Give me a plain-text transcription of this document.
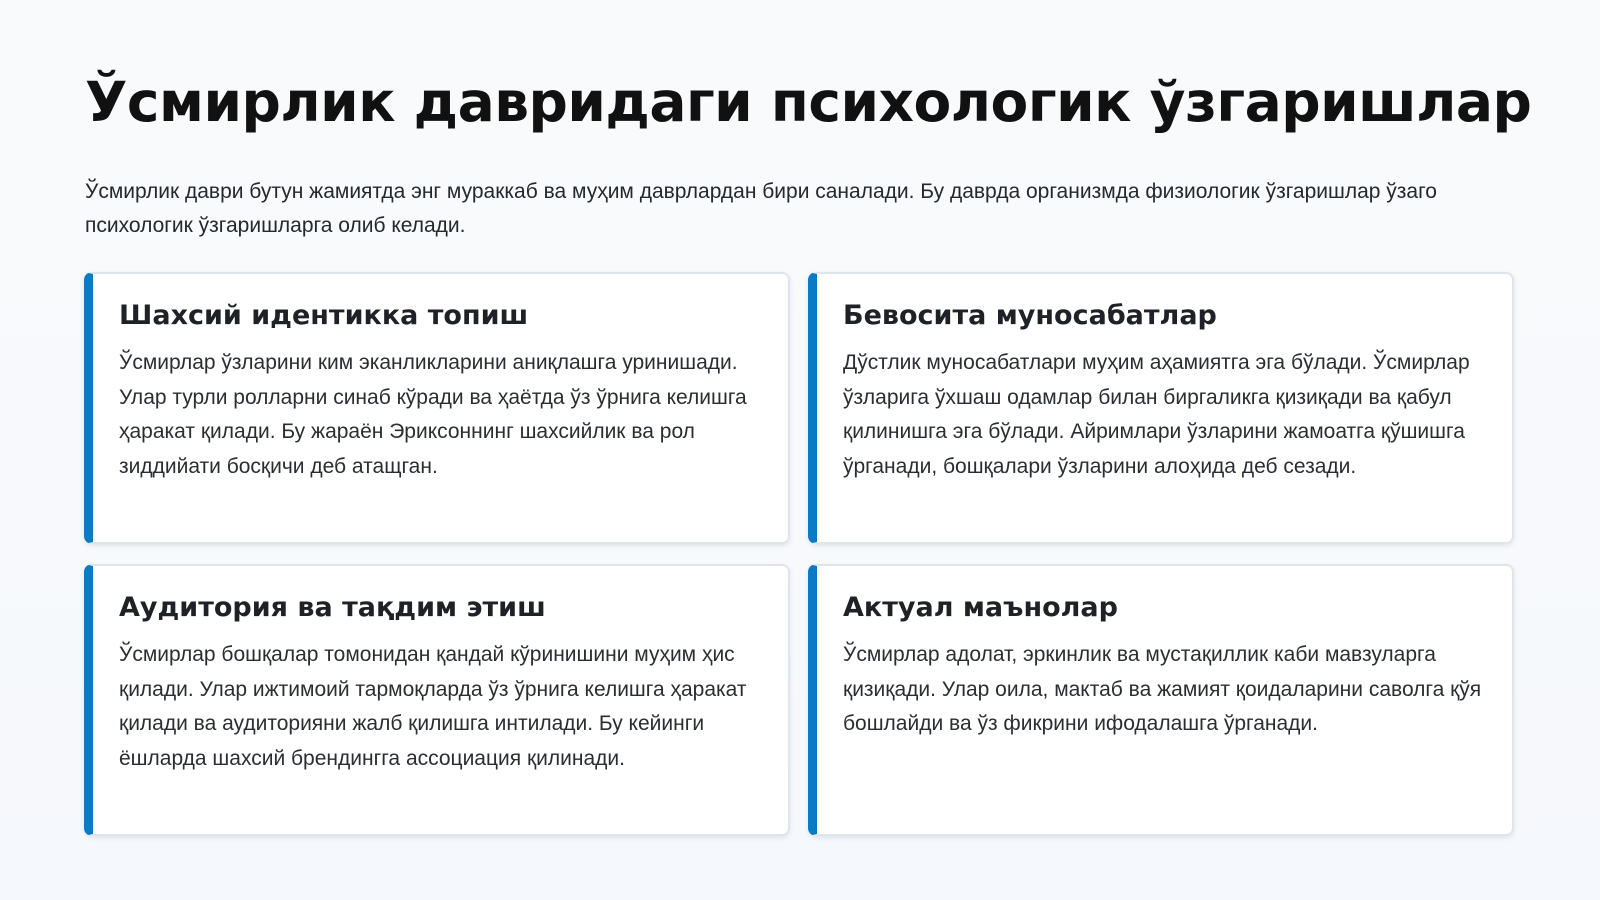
Ўсмирлик давридаги психологик ўзгаришлар

Ўсмирлик даври бутун жамиятда энг мураккаб ва муҳим даврлардан бири саналади. Бу даврда организмда физиологик ўзгаришлар ўзаго психологик ўзгаришларга олиб келади.

Шахсий идентикка топиш

Ўсмирлар ўзларини ким эканликларини аниқлашга уринишади. Улар турли ролларни синаб кўради ва ҳаётда ўз ўрнига келишга ҳаракат қилади. Бу жараён Эриксоннинг шахсийлик ва рол зиддийати босқичи деб атащган.

Бевосита муносабатлар

Дўстлик муносабатлари муҳим аҳамиятга эга бўлади. Ўсмирлар ўзларига ўхшаш одамлар билан биргаликга қизиқади ва қабул қилинишга эга бўлади. Айримлари ўзларини жамоатга қўшишга ўрганади, бошқалари ўзларини алоҳида деб сезади.

Аудитория ва тақдим этиш

Ўсмирлар бошқалар томонидан қандай кўринишини муҳим ҳис қилади. Улар ижтимоий тармоқларда ўз ўрнига келишга ҳаракат қилади ва аудиторияни жалб қилишга интилади. Бу кейинги ёшларда шахсий брендингга ассоциация қилинади.

Актуал маънолар

Ўсмирлар адолат, эркинлик ва мустақиллик каби мавзуларга қизиқади. Улар оила, мактаб ва жамият қоидаларини саволга қўя бошлайди ва ўз фикрини ифодалашга ўрганади.
